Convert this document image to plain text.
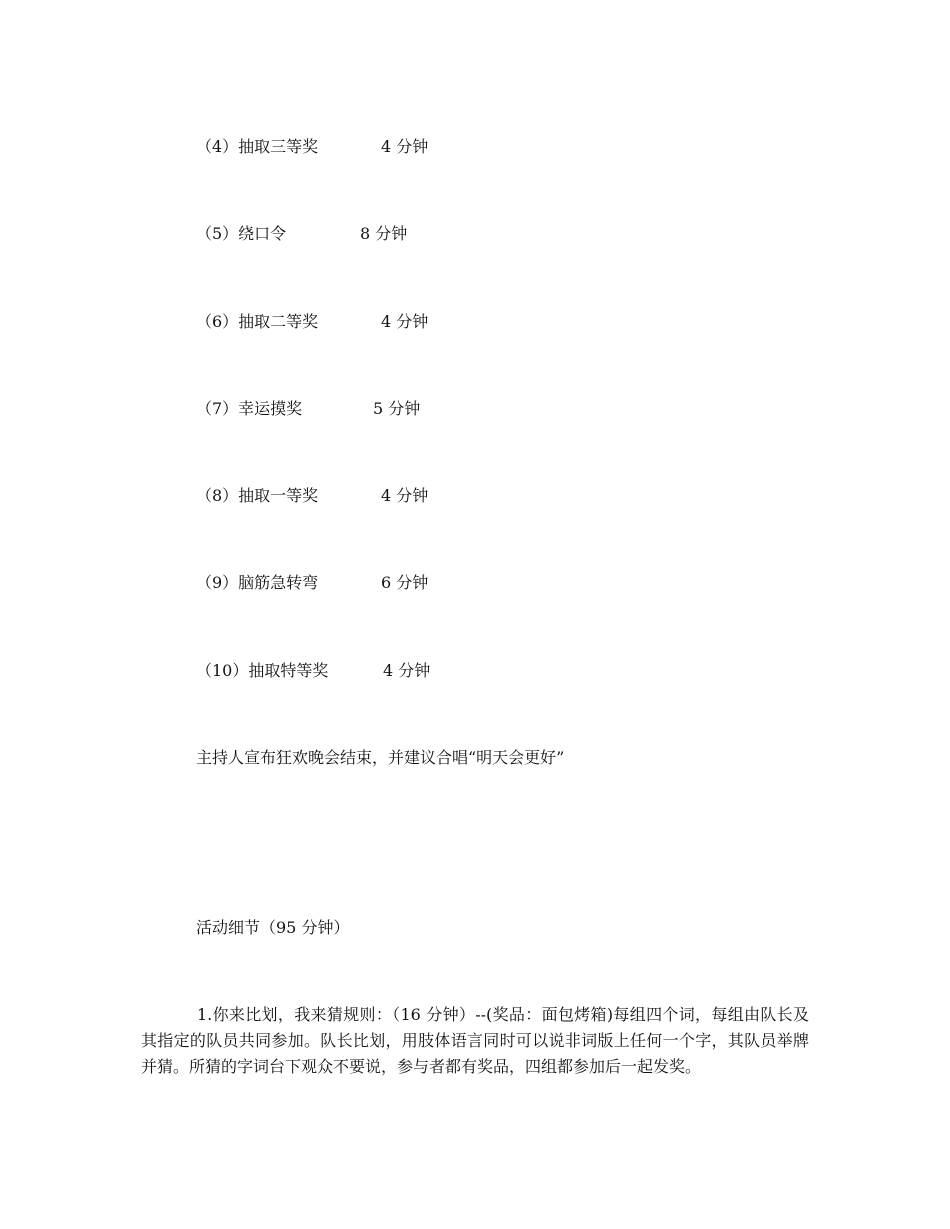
（4）抽取三等奖	4 分钟
（5）绕口令	8 分钟
（6）抽取二等奖	4 分钟
（7）幸运摸奖	5 分钟
（8）抽取一等奖	4 分钟
（9）脑筋急转弯	6 分钟
（10）抽取特等奖	4 分钟
主持人宣布狂欢晚会结束，并建议合唱“明天会更好”
活动细节（95 分钟）
1.你来比划，我来猜规则：（16 分钟）--(奖品：面包烤箱)每组四个词，每组由队长及其指定的队员共同参加。队长比划，用肢体语言同时可以说非词版上任何一个字，其队员举牌并猜。所猜的字词台下观众不要说，参与者都有奖品，四组都参加后一起发奖。
